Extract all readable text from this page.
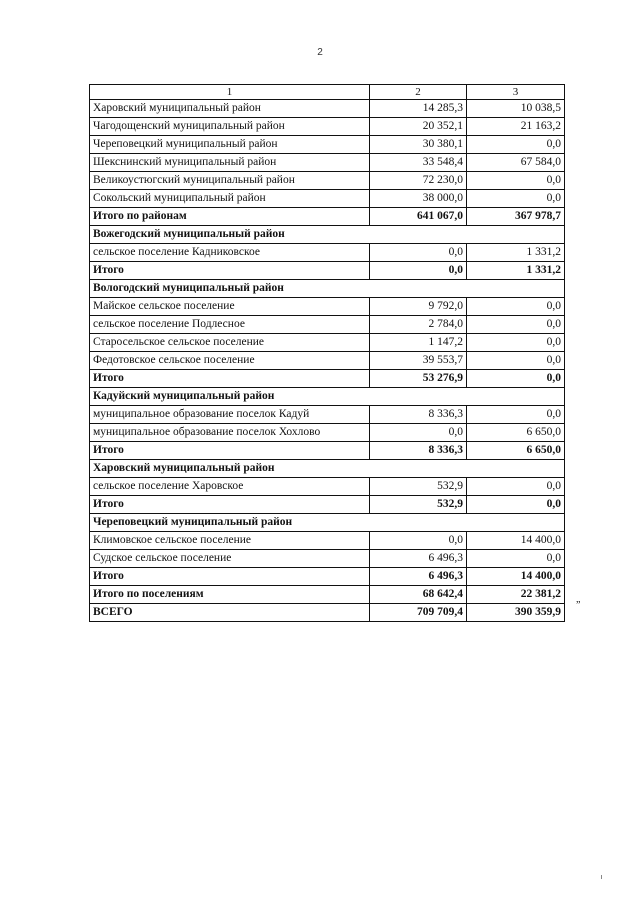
2
1	2	3
Харовский муниципальный район	14 285,3	10 038,5
Чагодощенский муниципальный район	20 352,1	21 163,2
Череповецкий муниципальный район	30 380,1	0,0
Шекснинский муниципальный район	33 548,4	67 584,0
Великоустюгский муниципальный район	72 230,0	0,0
Сокольский муниципальный район	38 000,0	0,0
Итого по районам	641 067,0	367 978,7
Вожегодский муниципальный район		
сельское поселение Кадниковское	0,0	1 331,2
Итого	0,0	1 331,2
Вологодский муниципальный район		
Майское сельское поселение	9 792,0	0,0
сельское поселение Подлесное	2 784,0	0,0
Старосельское сельское поселение	1 147,2	0,0
Федотовское сельское поселение	39 553,7	0,0
Итого	53 276,9	0,0
Кадуйский муниципальный район		
муниципальное образование поселок Кадуй	8 336,3	0,0
муниципальное образование поселок Хохлово	0,0	6 650,0
Итого	8 336,3	6 650,0
Харовский муниципальный район		
сельское поселение Харовское	532,9	0,0
Итого	532,9	0,0
Череповецкий муниципальный район		
Климовское сельское поселение	0,0	14 400,0
Судское сельское поселение	6 496,3	0,0
Итого	6 496,3	14 400,0
Итого по поселениям	68 642,4	22 381,2
ВСЕГО	709 709,4	390 359,9
”
